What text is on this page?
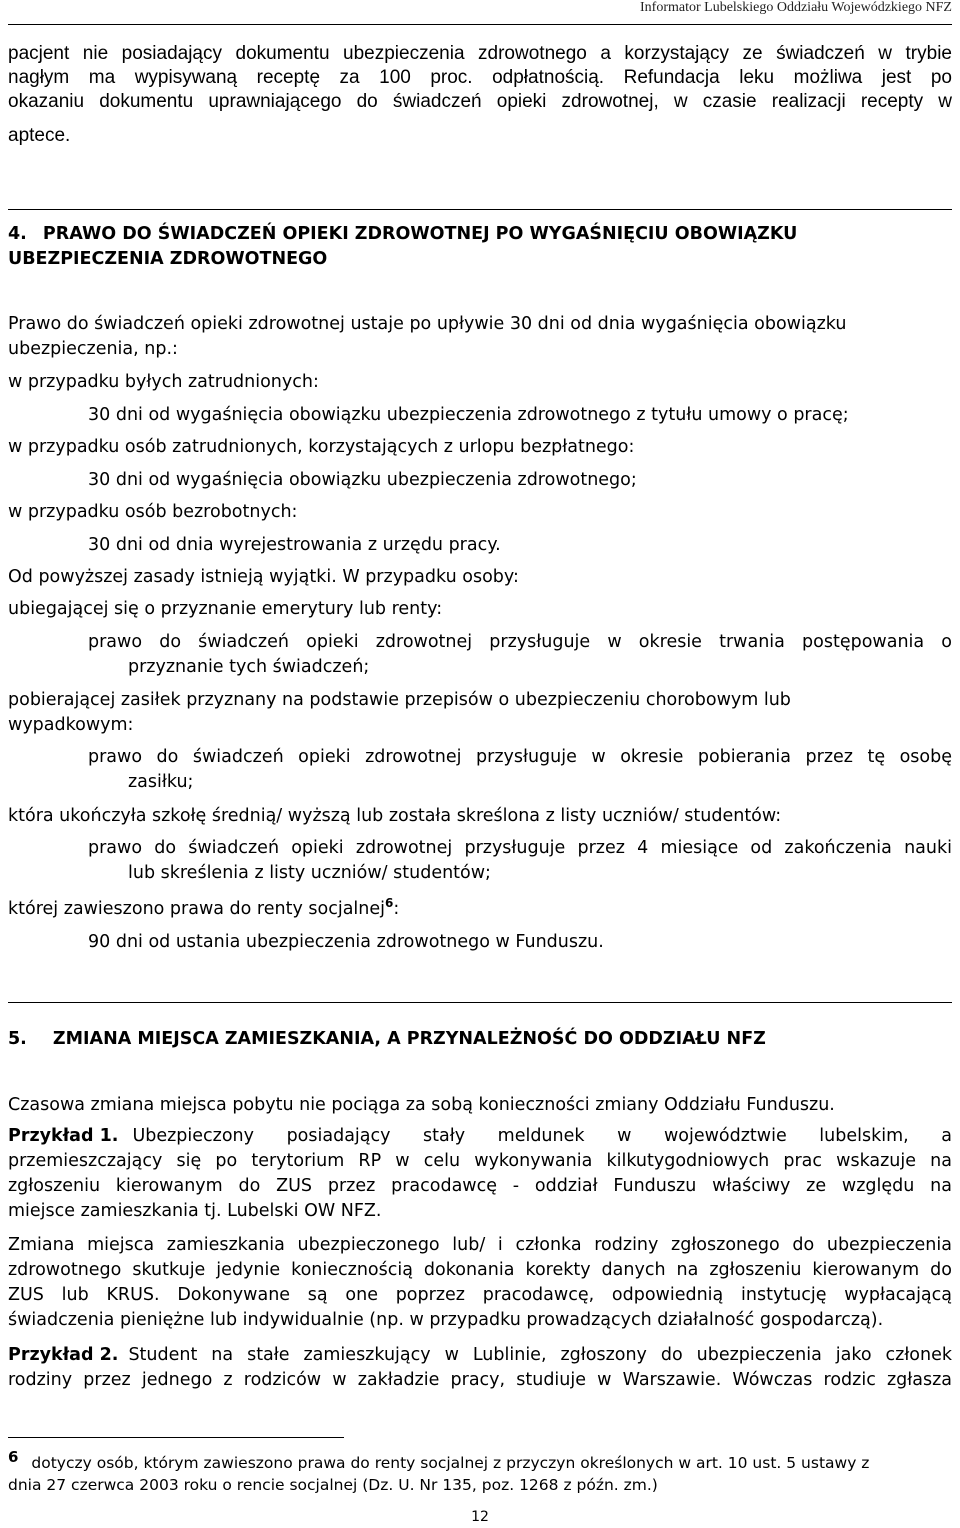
Informator Lubelskiego Oddziału Wojewódzkiego NFZ
pacjent nie posiadający dokumentu ubezpieczenia zdrowotnego a korzystający ze świadczeń w trybie
nagłym ma wypisywaną receptę za 100 proc. odpłatnością. Refundacja leku możliwa jest po
okazaniu dokumentu uprawniającego do świadczeń opieki zdrowotnej, w czasie realizacji recepty w
aptece.
4. PRAWO DO ŚWIADCZEŃ OPIEKI ZDROWOTNEJ PO WYGAŚNIĘCIU OBOWIĄZKU
UBEZPIECZENIA ZDROWOTNEGO
Prawo do świadczeń opieki zdrowotnej ustaje po upływie 30 dni od dnia wygaśnięcia obowiązku
ubezpieczenia, np.:
w przypadku byłych zatrudnionych:
30 dni od wygaśnięcia obowiązku ubezpieczenia zdrowotnego z tytułu umowy o pracę;
w przypadku osób zatrudnionych, korzystających z urlopu bezpłatnego:
30 dni od wygaśnięcia obowiązku ubezpieczenia zdrowotnego;
w przypadku osób bezrobotnych:
30 dni od dnia wyrejestrowania z urzędu pracy.
Od powyższej zasady istnieją wyjątki. W przypadku osoby:
ubiegającej się o przyznanie emerytury lub renty:
prawo do świadczeń opieki zdrowotnej przysługuje w okresie trwania postępowania o
przyznanie tych świadczeń;
pobierającej zasiłek przyznany na podstawie przepisów o ubezpieczeniu chorobowym lub
wypadkowym:
prawo do świadczeń opieki zdrowotnej przysługuje w okresie pobierania przez tę osobę
zasiłku;
która ukończyła szkołę średnią/ wyższą lub została skreślona z listy uczniów/ studentów:
prawo do świadczeń opieki zdrowotnej przysługuje przez 4 miesiące od zakończenia nauki
lub skreślenia z listy uczniów/ studentów;
której zawieszono prawa do renty socjalnej$^6$:
90 dni od ustania ubezpieczenia zdrowotnego w Funduszu.
5. ZMIANA MIEJSCA ZAMIESZKANIA, A PRZYNALEŻNOŚĆ DO ODDZIAŁU NFZ
Czasowa zmiana miejsca pobytu nie pociąga za sobą konieczności zmiany Oddziału Funduszu.
Przykład 1. Ubezpieczony posiadający stały meldunek w województwie lubelskim, a
przemieszczający się po terytorium RP w celu wykonywania kilkutygodniowych prac wskazuje na
zgłoszeniu kierowanym do ZUS przez pracodawcę - oddział Funduszu właściwy ze względu na
miejsce zamieszkania tj. Lubelski OW NFZ.
Zmiana miejsca zamieszkania ubezpieczonego lub/ i członka rodziny zgłoszonego do ubezpieczenia
zdrowotnego skutkuje jedynie koniecznością dokonania korekty danych na zgłoszeniu kierowanym do
ZUS lub KRUS. Dokonywane są one poprzez pracodawcę, odpowiednią instytucję wypłacającą
świadczenia pieniężne lub indywidualnie (np. w przypadku prowadzących działalność gospodarczą).
Przykład 2. Student na stałe zamieszkujący w Lublinie, zgłoszony do ubezpieczenia jako członek
rodziny przez jednego z rodziców w zakładzie pracy, studiuje w Warszawie. Wówczas rodzic zgłasza
6 dotyczy osób, którym zawieszono prawa do renty socjalnej z przyczyn określonych w art. 10 ust. 5 ustawy z
dnia 27 czerwca 2003 roku o rencie socjalnej (Dz. U. Nr 135, poz. 1268 z późn. zm.)
12
